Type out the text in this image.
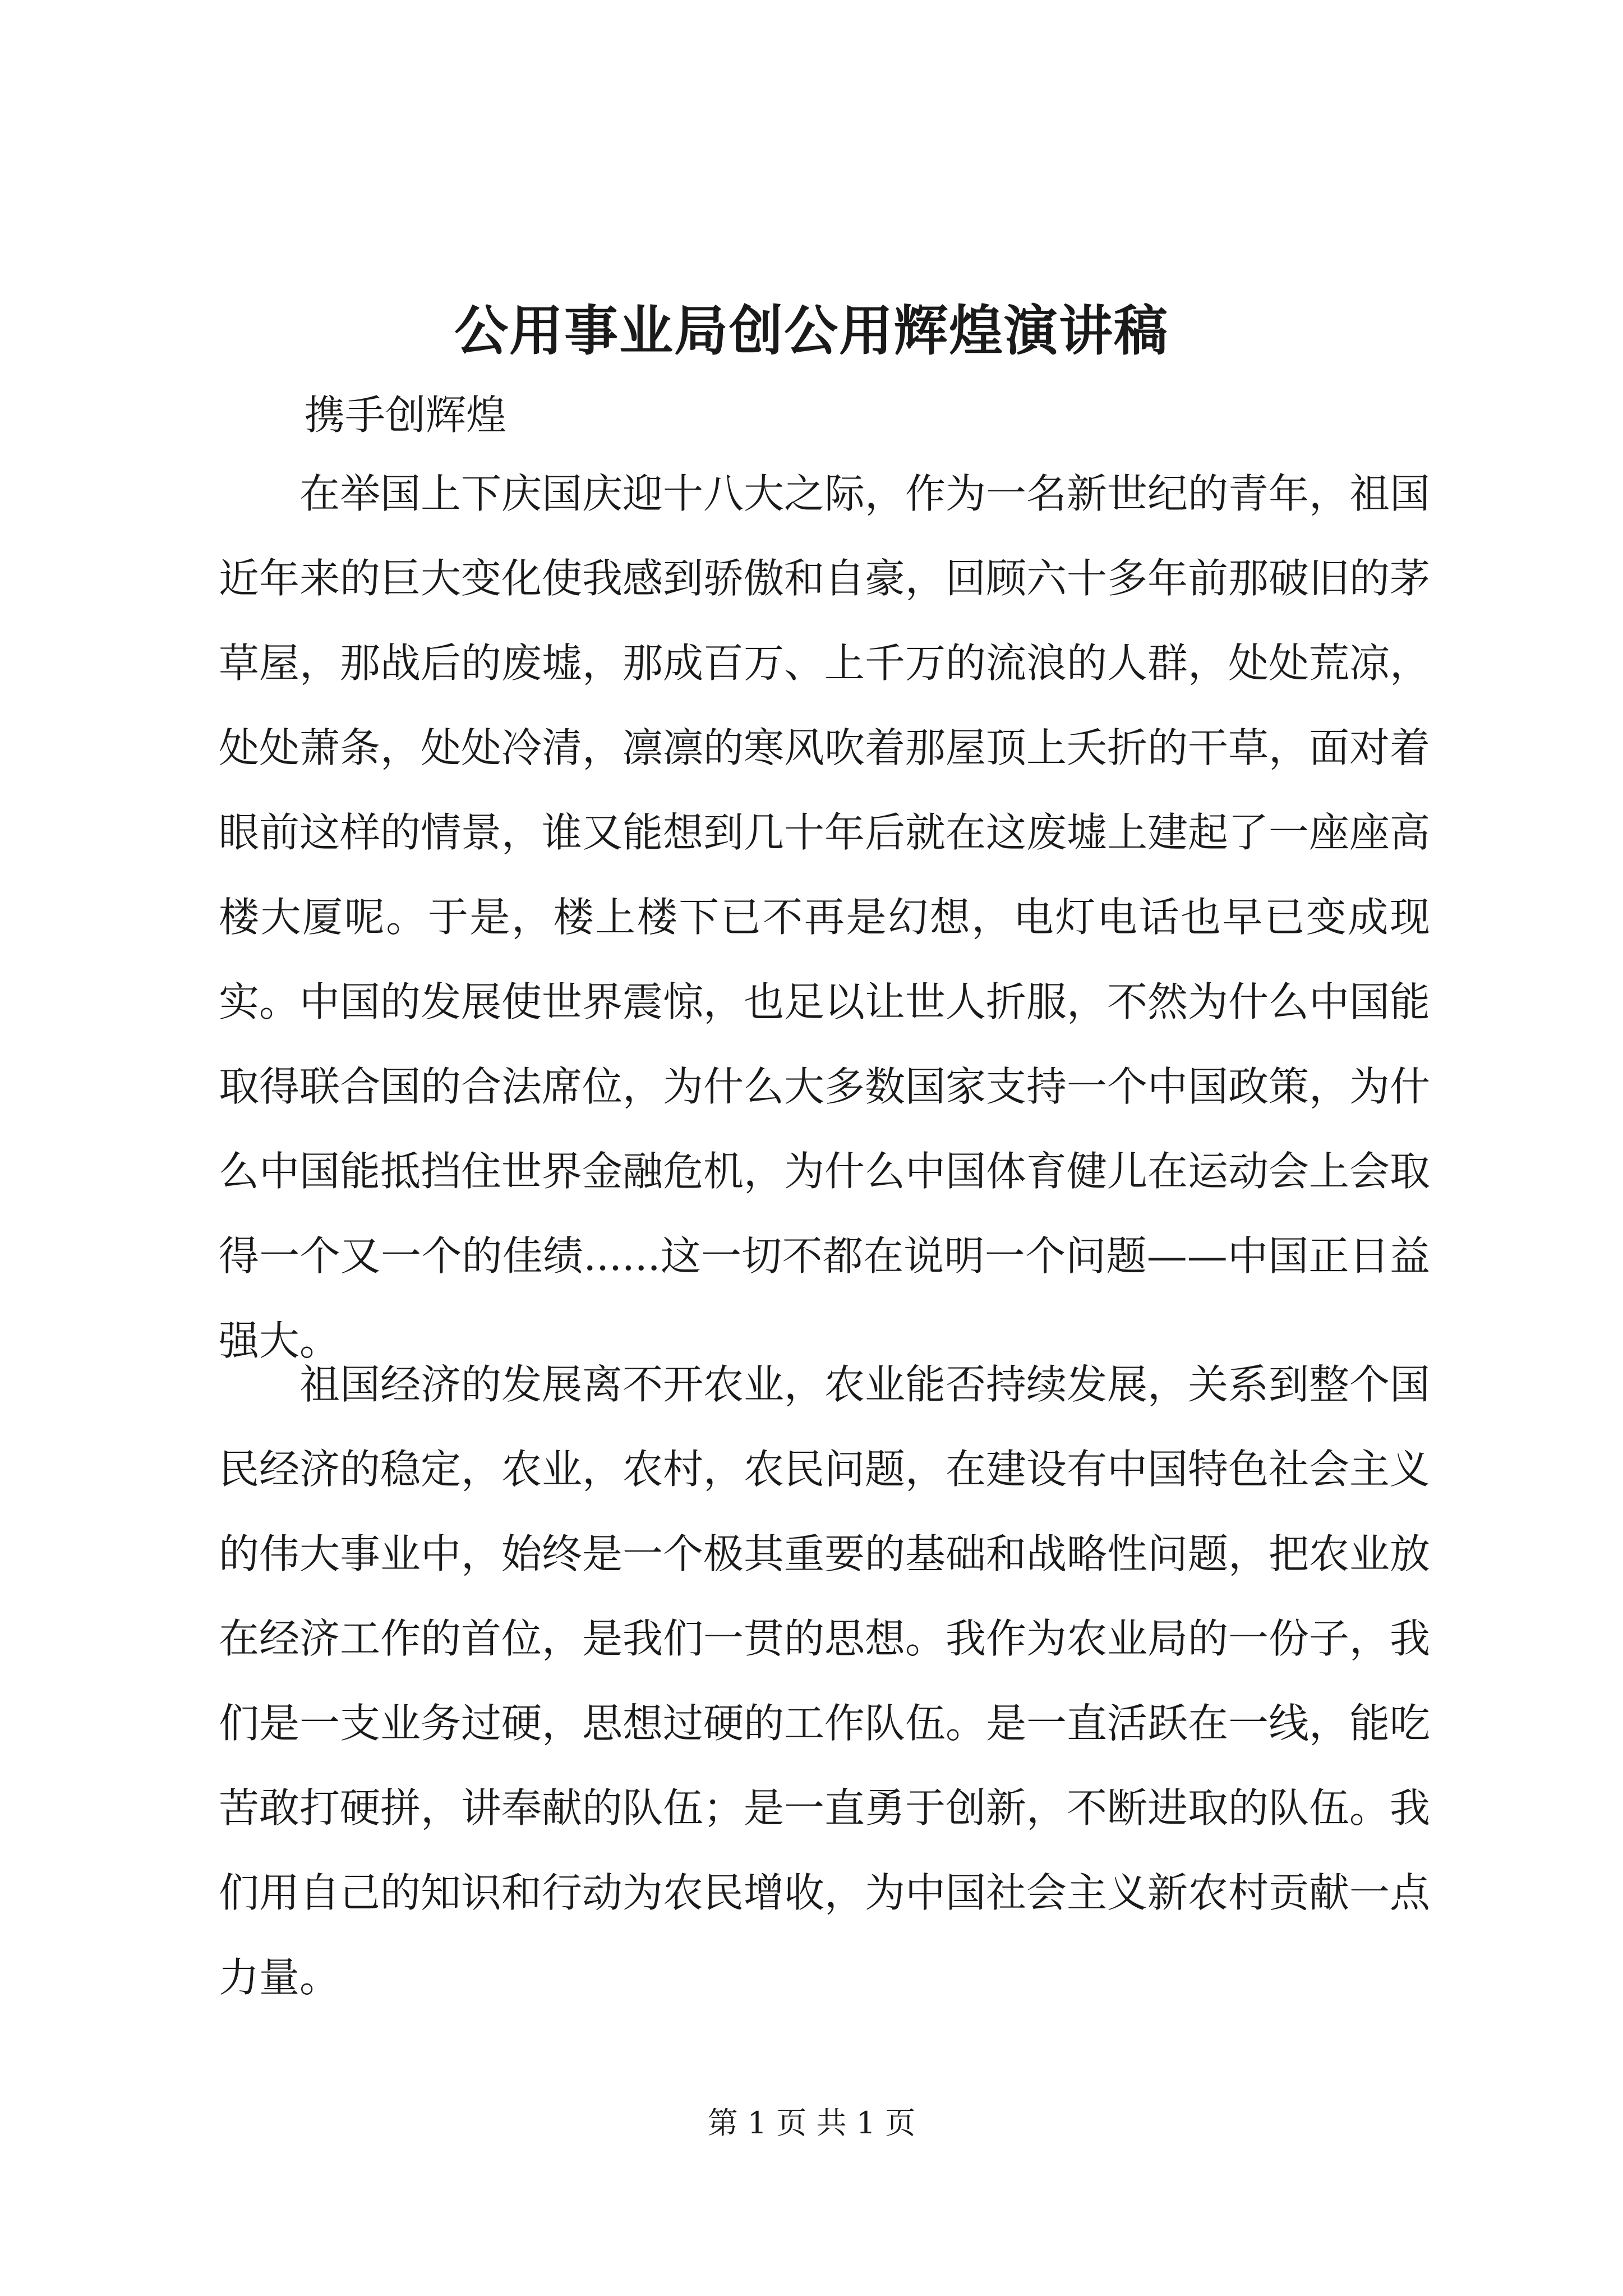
公用事业局创公用辉煌演讲稿
携手创辉煌
在举国上下庆国庆迎十八大之际，作为一名新世纪的青年，祖国近年来的巨大变化使我感到骄傲和自豪，回顾六十多年前那破旧的茅草屋，那战后的废墟，那成百万、上千万的流浪的人群，处处荒凉，处处萧条，处处冷清，凛凛的寒风吹着那屋顶上夭折的干草，面对着眼前这样的情景，谁又能想到几十年后就在这废墟上建起了一座座高楼大厦呢。于是，楼上楼下已不再是幻想，电灯电话也早已变成现实。中国的发展使世界震惊，也足以让世人折服，不然为什么中国能取得联合国的合法席位，为什么大多数国家支持一个中国政策，为什么中国能抵挡住世界金融危机，为什么中国体育健儿在运动会上会取得一个又一个的佳绩......这一切不都在说明一个问题——中国正日益强大。
祖国经济的发展离不开农业，农业能否持续发展，关系到整个国民经济的稳定，农业，农村，农民问题，在建设有中国特色社会主义的伟大事业中，始终是一个极其重要的基础和战略性问题，把农业放在经济工作的首位，是我们一贯的思想。我作为农业局的一份子，我们是一支业务过硬，思想过硬的工作队伍。是一直活跃在一线，能吃苦敢打硬拼，讲奉献的队伍；是一直勇于创新，不断进取的队伍。我们用自己的知识和行动为农民增收，为中国社会主义新农村贡献一点力量。
第 1 页 共 1 页
